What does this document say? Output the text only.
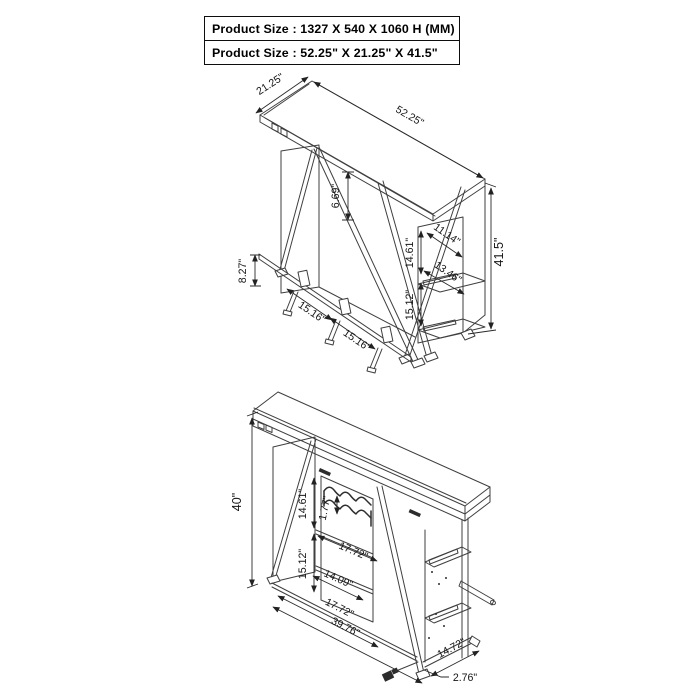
Product Size : 1327 X 540 X 1060 H (MM)
Product Size : 52.25" X 21.25" X 41.5"
21.25"
52.25"
6.69"
8.27"
15.16"
15.16"
11.14"
14.61"
13.46"
15.12"
41.5"
40"	14.61" 1.77"
17.72"
15.12"
14.09"
17.72"
39.76"
14.72"
2.76"
